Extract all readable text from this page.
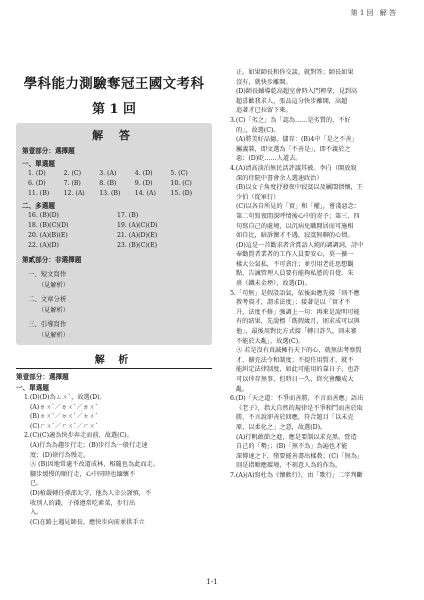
第 1 回 解 答
學科能力測驗奪冠王國文考科
第 1 回
解 答
第壹部分：選擇題
一、單選題
1. (D)	2. (C)	3. (A)	4. (D)	5. (C)
6. (D)	7. (B)	8. (B)	9. (D)	10. (C)
11. (B)	12. (A)	13. (B)	14. (A)	15. (D)
二、多選題
16. (B)(D)	17. (B)
18. (B)(C)(D)	19. (A)(C)(D)
20. (A)(B)(E)	21. (A)(D)(E)
22. (A)(D)	23. (B)(C)(E)
第貳部分：非選擇題
一、短文寫作
（見解析）
二、文章分析
（見解析）
三、引導寫作
（見解析）
解 析
第壹部分：選擇題
一、單選題

1.(D)(D)為ㄙㄨˋ，故選(D)。

(A)ㄌㄨˋ／ㄌㄨˋ／ㄌㄨˋ

(B)ㄉㄨˋ／ㄉㄨˋ／ㄉㄨˋ

(C)ㄏㄨˋ／ㄏㄨˋ／ㄏㄨˋ

2.(C)(C)適為快步奔走而前，故選(C)。

(A)行為為趨步行走；(B)步行為一般行走速

度；(D)徐行為慢走。

Ⓐ (B)因地常處不改道成林，相隨也為此而走。

腳步緩慢的順行走，心中同時也緬懷不

已。

(D)植嚴轉任孫邵太守，他為人幸公謹慎，不

收別人的錢，子孫遵常吃素菜，步行出

入。

(C)在路上遇見師長，應快步向前並拱手立

正。如果師長和你交談，就對答；師長如果

沒有，就快步離開。

(D)師長輔導乾高超室會時入門裡拿，見到高

超喜歡我求人，張品這分快步離開，高超

追著才已拉留下來。

3.(C)「劣之」為「認為……是劣質的，不好

的」，故選(C)。

(A)將美好品德、儲存：(B)4中「是之不善」

屬義裝，即文選為「不善是」，即不義於之

惡；(D)貶……人道去。

4.(A)清高淡泊無民活評議其被。李白（開放叙

深的侍院中書會余人選速政治）

(B)以女子角度抒發夜中寂寞以及屬閨情懷，王

少伯（從軍行）

(C)以各自所見的「實」和「權」，嘗淺惡念：

第二句寫夜間深呼情後心中的寄予；第三、四

句寫自己的處境，以沉病免職閒居而可施相

如自比，暗訴懷才不遇，寂寞無聊的心情。

(D)這是一首勸求者含賞語人純的調調詞，詩中

奉勸賢者業者的工作人員要安心，莫一擴一

樣大公氣私，不可貪汙；並引用老莊思想觀

點，告誡管理人員要有能夠私慾的自覺。朱

熹（鐵未金煙），故選(D)。

5.「苟無」是假設語氣，依後面應先接「則不應

教考資才，謂求法度」；接著是以「實才不

升，法度不修」強調上一句：再來是說明可能

有的結果，先說標「飭假歲月，則求成可以與

他」，最後用對比方式接「轉日詐久，則未審

不能於大亂」，故選(C)。

Ⓐ 若是沒有真誠擁有天下的心，就無法考察賢

才，擴充法令和制度；不提任用賢才，就不

能糾定法律制度，如此可能用的靠日子，也許

可以倖存無事，但時日一久，終究會釀成大

亂。

6.(D)「天之道：不爭而善勝，不言而善應」語出

《老子》，指大自然的規律是不爭和鬥而善於取

勝，不言說卻善於回應，符合題目「以未克

原，以柔化之」之意，故選(D)。

(A)行帆敢節之進，應是要制以求克黑。營造

自己的「勢」；(B)「無不為」為遍也才能

深傳達之下，墮要能善盡出樣教；(C)「無為」

則是指順應環境，不刻意人為的作為。

7.(A)(A)寫杜為《懷軟行》，由「歌行」二字判斷

1-1
